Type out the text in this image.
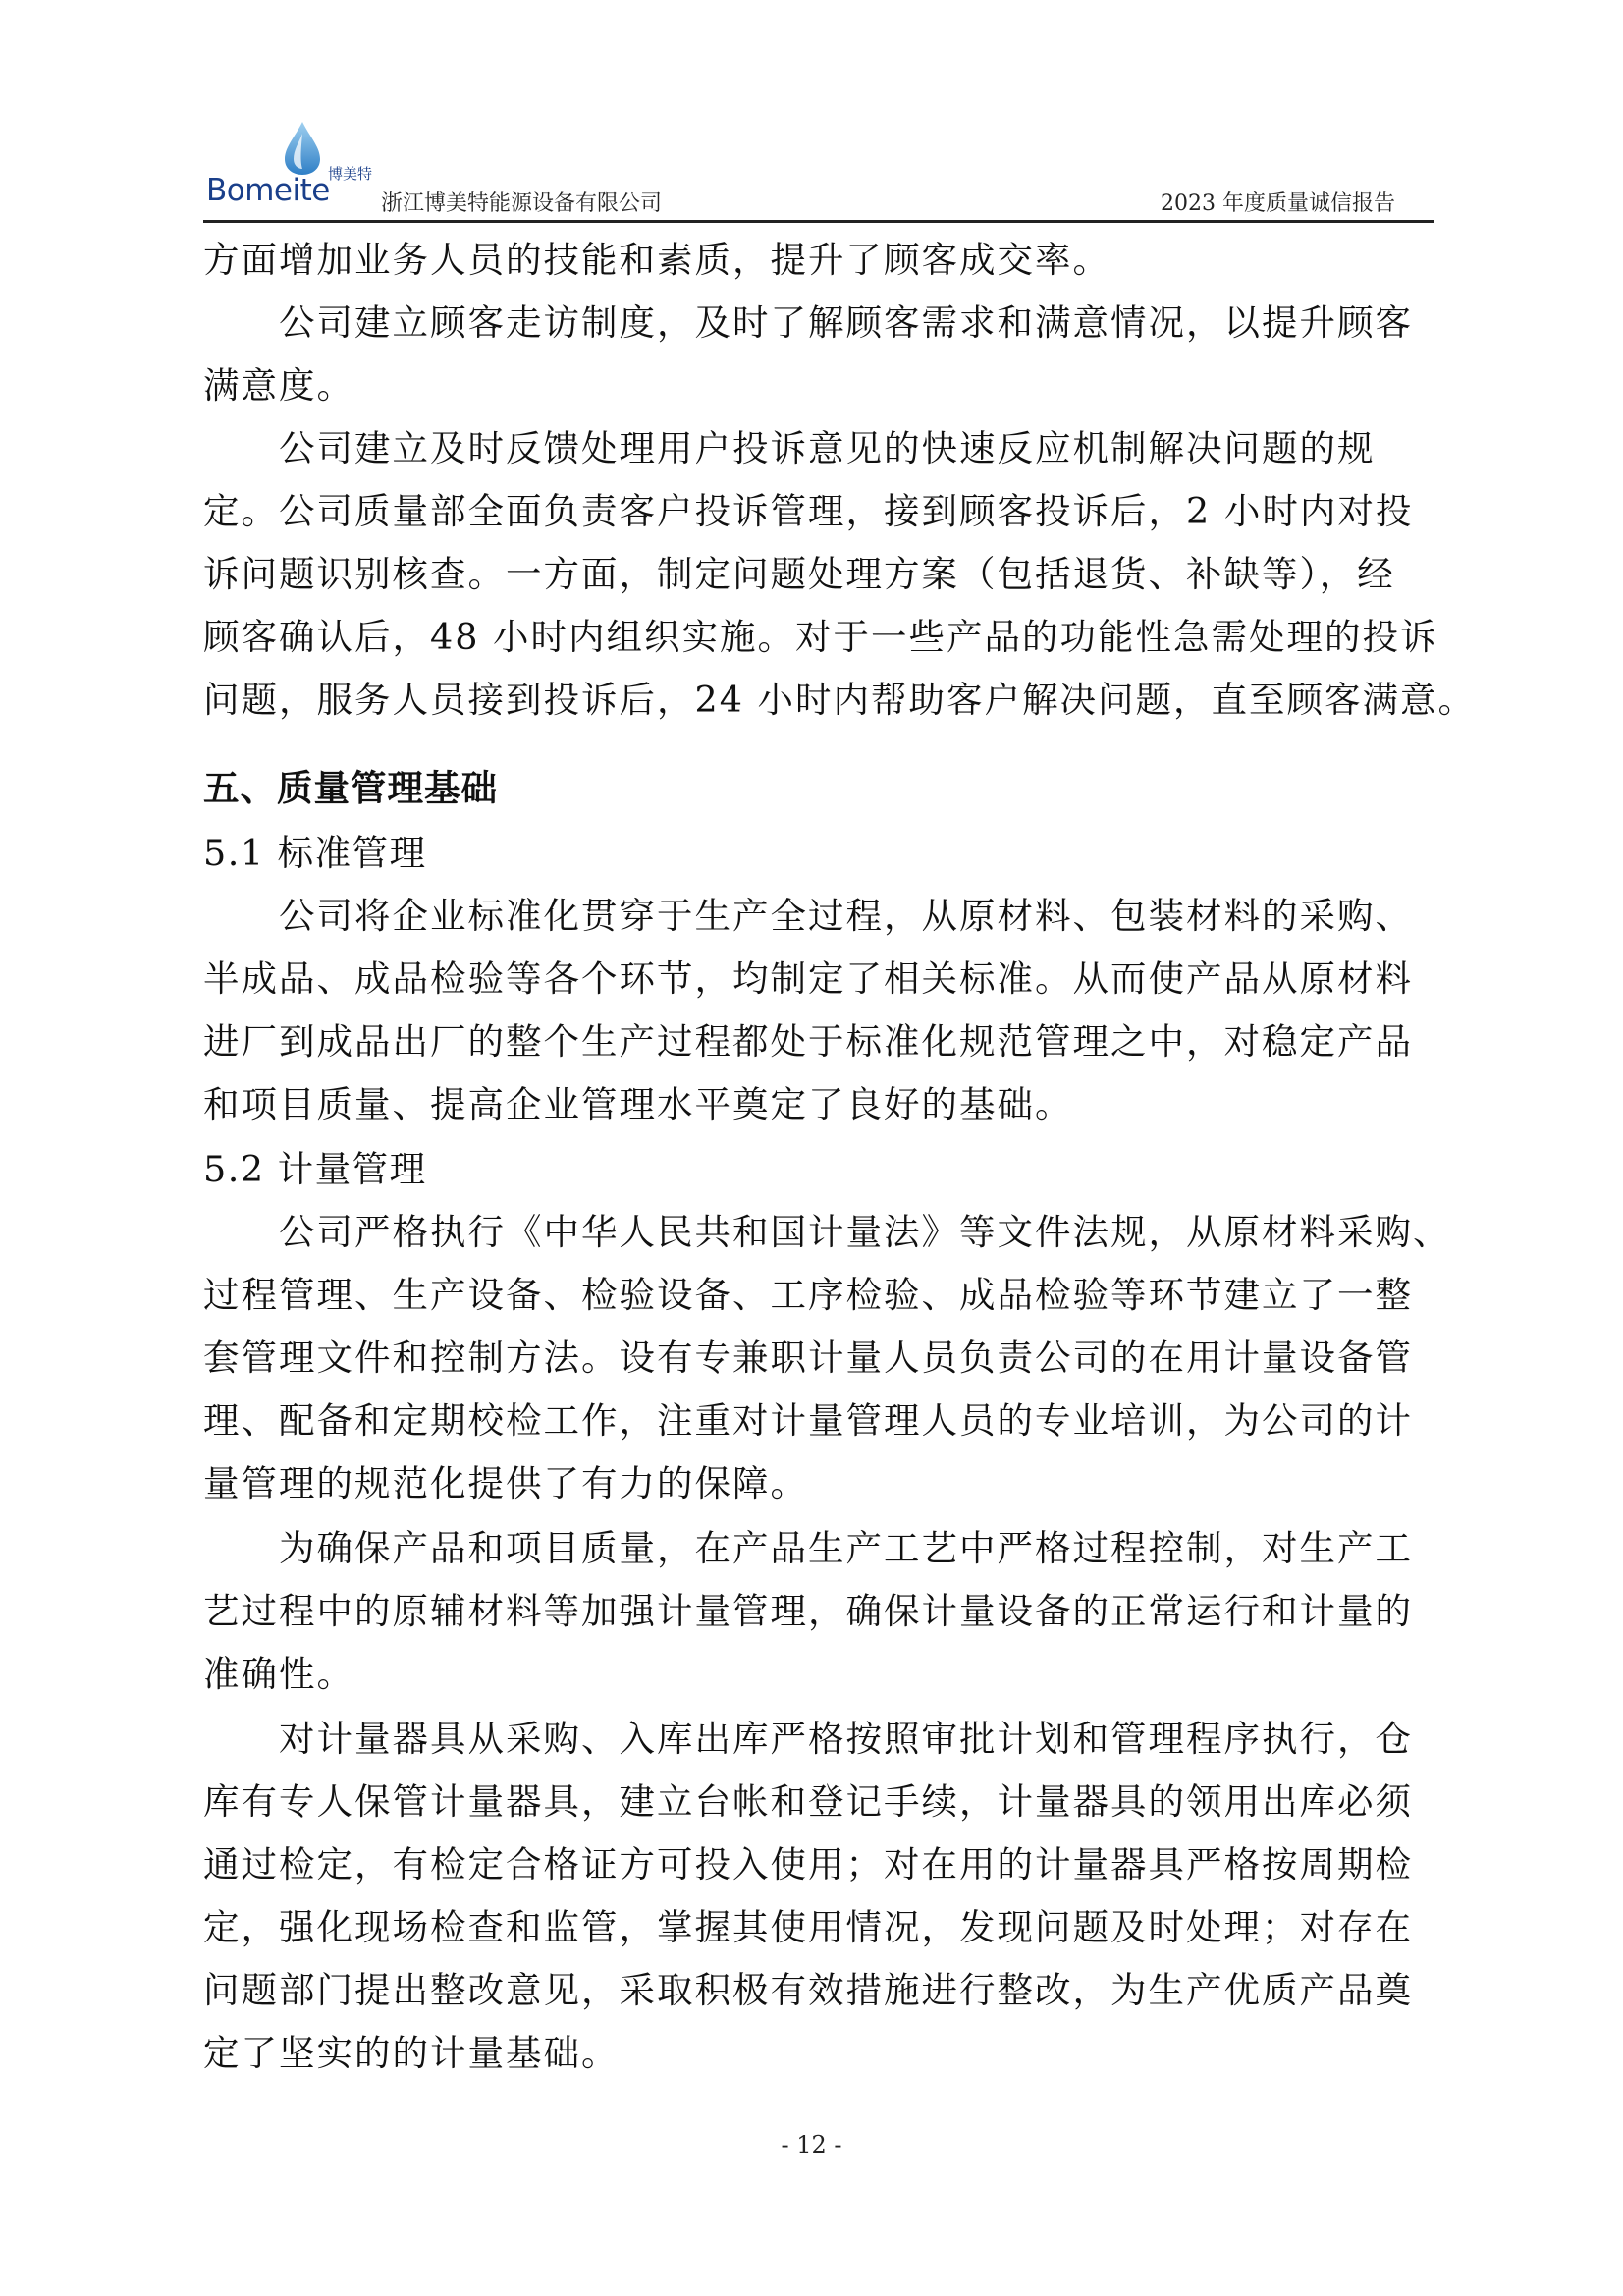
Bomeite
博美特
浙江博美特能源设备有限公司	2023 年度质量诚信报告
方面增加业务人员的技能和素质，提升了顾客成交率。
　　公司建立顾客走访制度，及时了解顾客需求和满意情况，以提升顾客
满意度。
　　公司建立及时反馈处理用户投诉意见的快速反应机制解决问题的规
定。公司质量部全面负责客户投诉管理，接到顾客投诉后，2 小时内对投
诉问题识别核查。一方面，制定问题处理方案（包括退货、补缺等），经
顾客确认后，48 小时内组织实施。对于一些产品的功能性急需处理的投诉
问题，服务人员接到投诉后，24 小时内帮助客户解决问题，直至顾客满意。
五、质量管理基础
5.1 标准管理
　　公司将企业标准化贯穿于生产全过程，从原材料、包装材料的采购、
半成品、成品检验等各个环节，均制定了相关标准。从而使产品从原材料
进厂到成品出厂的整个生产过程都处于标准化规范管理之中，对稳定产品
和项目质量、提高企业管理水平奠定了良好的基础。
5.2 计量管理
　　公司严格执行《中华人民共和国计量法》等文件法规，从原材料采购、
过程管理、生产设备、检验设备、工序检验、成品检验等环节建立了一整
套管理文件和控制方法。设有专兼职计量人员负责公司的在用计量设备管
理、配备和定期校检工作，注重对计量管理人员的专业培训，为公司的计
量管理的规范化提供了有力的保障。
　　为确保产品和项目质量，在产品生产工艺中严格过程控制，对生产工
艺过程中的原辅材料等加强计量管理，确保计量设备的正常运行和计量的
准确性。
　　对计量器具从采购、入库出库严格按照审批计划和管理程序执行，仓
库有专人保管计量器具，建立台帐和登记手续，计量器具的领用出库必须
通过检定，有检定合格证方可投入使用；对在用的计量器具严格按周期检
定，强化现场检查和监管，掌握其使用情况，发现问题及时处理；对存在
问题部门提出整改意见，采取积极有效措施进行整改，为生产优质产品奠
定了坚实的的计量基础。
- 12 -
